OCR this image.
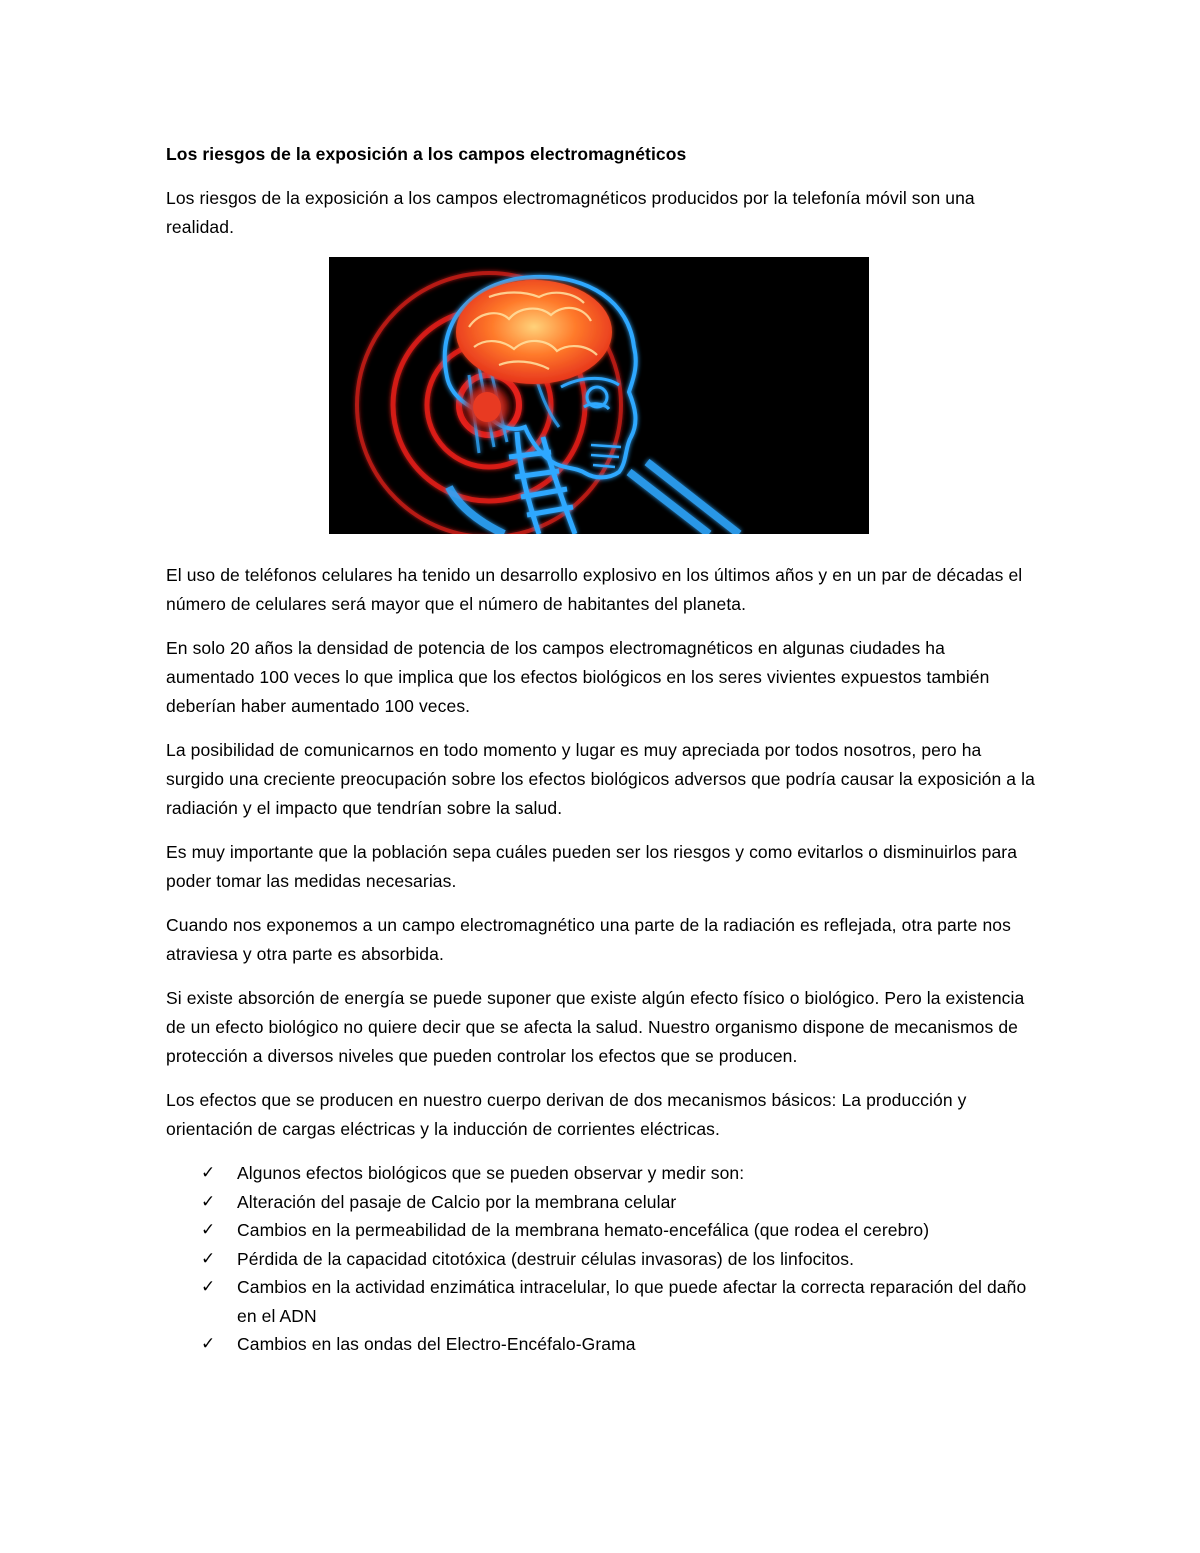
Los riesgos de la exposición a los campos electromagnéticos

Los riesgos de la exposición a los campos electromagnéticos producidos por la telefonía móvil son una realidad.

El uso de teléfonos celulares ha tenido un desarrollo explosivo en los últimos años y en un par de décadas el número de celulares será mayor que el número de habitantes del planeta.

En solo 20 años la densidad de potencia de los campos electromagnéticos en algunas ciudades ha aumentado 100 veces lo que implica que los efectos biológicos en los seres vivientes expuestos también deberían haber aumentado 100 veces.

La posibilidad de comunicarnos en todo momento y lugar es muy apreciada por todos nosotros, pero ha surgido una creciente preocupación sobre los efectos biológicos adversos que podría causar la exposición a la radiación y el impacto que tendrían sobre la salud.

Es muy importante que la población sepa cuáles pueden ser los riesgos y como evitarlos o disminuirlos para poder tomar las medidas necesarias.

Cuando nos exponemos a un campo electromagnético una parte de la radiación es reflejada, otra parte nos atraviesa y otra parte es absorbida.

Si existe absorción de energía se puede suponer que existe algún efecto físico o biológico. Pero la existencia de un efecto biológico no quiere decir que se afecta la salud. Nuestro organismo dispone de mecanismos de protección a diversos niveles que pueden controlar los efectos que se producen.

Los efectos que se producen en nuestro cuerpo derivan de dos mecanismos básicos: La producción y orientación de cargas eléctricas y la inducción de corrientes eléctricas.

✓	Algunos efectos biológicos que se pueden observar y medir son:
✓	Alteración del pasaje de Calcio por la membrana celular
✓	Cambios en la permeabilidad de la membrana hemato-encefálica (que rodea el cerebro)
✓	Pérdida de la capacidad citotóxica (destruir células invasoras) de los linfocitos.
✓	Cambios en la actividad enzimática intracelular, lo que puede afectar la correcta reparación del daño en el ADN
✓	Cambios en las ondas del Electro-Encéfalo-Grama
